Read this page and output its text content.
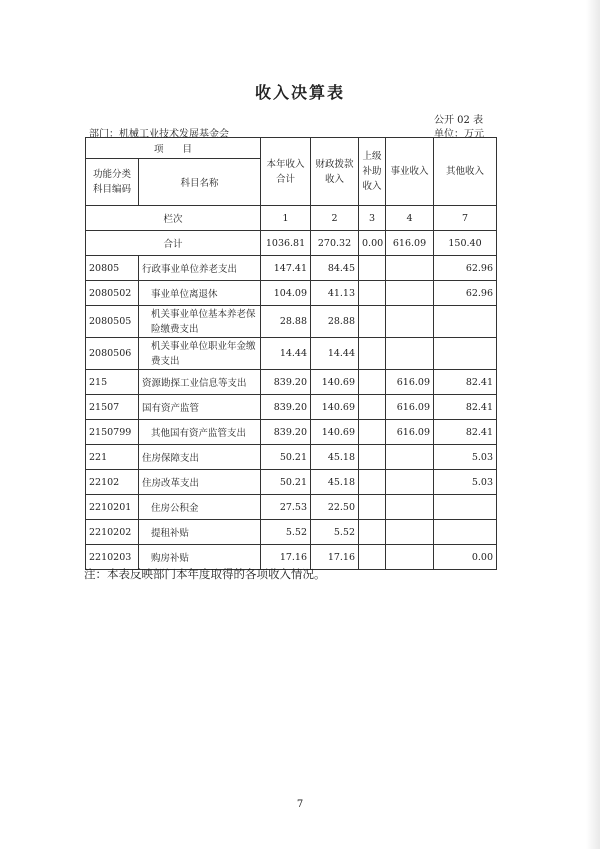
收入决算表
公开 02 表
部门：机械工业技术发展基金会	单位：万元
项　　目		本年收入合计	财政拨款收入	上级补助收入	事业收入	其他收入
功能分类科目编码	科目名称					
栏次		1	2	3	4	7
合计		1036.81	270.32	0.00	616.09	150.40
20805	行政事业单位养老支出	147.41	84.45			62.96
2080502	事业单位离退休	104.09	41.13			62.96
2080505	机关事业单位基本养老保险缴费支出	28.88	28.88			
2080506	机关事业单位职业年金缴费支出	14.44	14.44			
215	资源勘探工业信息等支出	839.20	140.69		616.09	82.41
21507	国有资产监管	839.20	140.69		616.09	82.41
2150799	其他国有资产监管支出	839.20	140.69		616.09	82.41
221	住房保障支出	50.21	45.18			5.03
22102	住房改革支出	50.21	45.18			5.03
2210201	住房公积金	27.53	22.50			
2210202	提租补贴	5.52	5.52			
2210203	购房补贴	17.16	17.16			0.00
注：本表反映部门本年度取得的各项收入情况。
7
